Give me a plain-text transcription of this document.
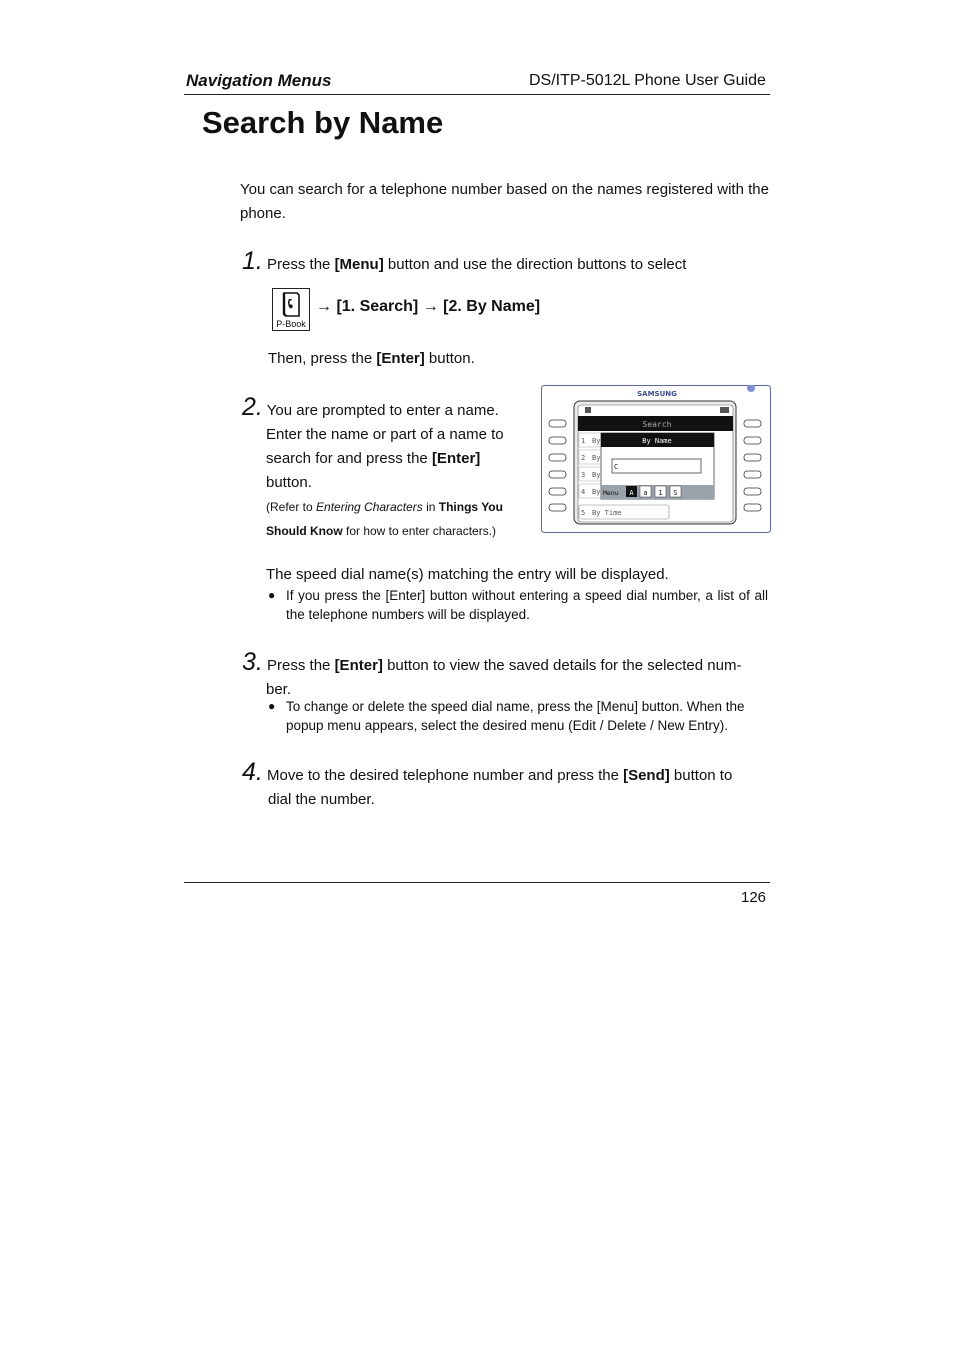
Navigation Menus	DS/ITP-5012L Phone User Guide
Search by Name
You can search for a telephone number based on the names registered with the phone.
1. Press the [Menu] button and use the direction buttons to select
P-Book
→ [1. Search] → [2. By Name]
Then, press the [Enter] button.
2. You are prompted to enter a name.
Enter the name or part of a name to
search for and press the [Enter]
button.
(Refer to Entering Characters in Things You
Should Know for how to enter characters.)
SAMSUNG
Search
1
2
3
4
5
By
By
By
By
By Time
By Name
C
Menu A a 1 S
The speed dial name(s) matching the entry will be displayed.
● If you press the [Enter] button without entering a speed dial number, a list of all the telephone numbers will be displayed.
3. Press the [Enter] button to view the saved details for the selected num-
ber.
● To change or delete the speed dial name, press the [Menu] button. When the popup menu appears, select the desired menu (Edit / Delete / New Entry).
4. Move to the desired telephone number and press the [Send] button to
dial the number.
126
